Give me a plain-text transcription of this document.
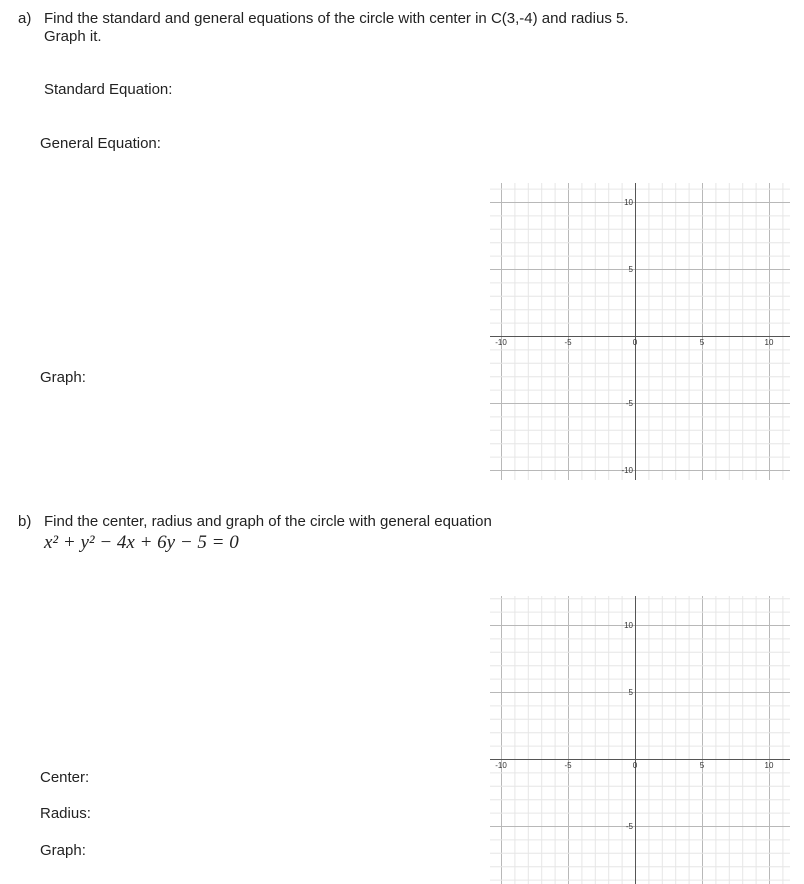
a) Find the standard and general equations of the circle with center in C(3,-4) and radius 5.
Graph it.
Standard Equation:
General Equation:
Graph:
-10	-5	0	5	10
10
5
-5
-10
b) Find the center, radius and graph of the circle with general equation
x² + y² − 4x + 6y − 5 = 0
Center:
Radius:
Graph:
-10	-5	0	5	10
10
5
-5
